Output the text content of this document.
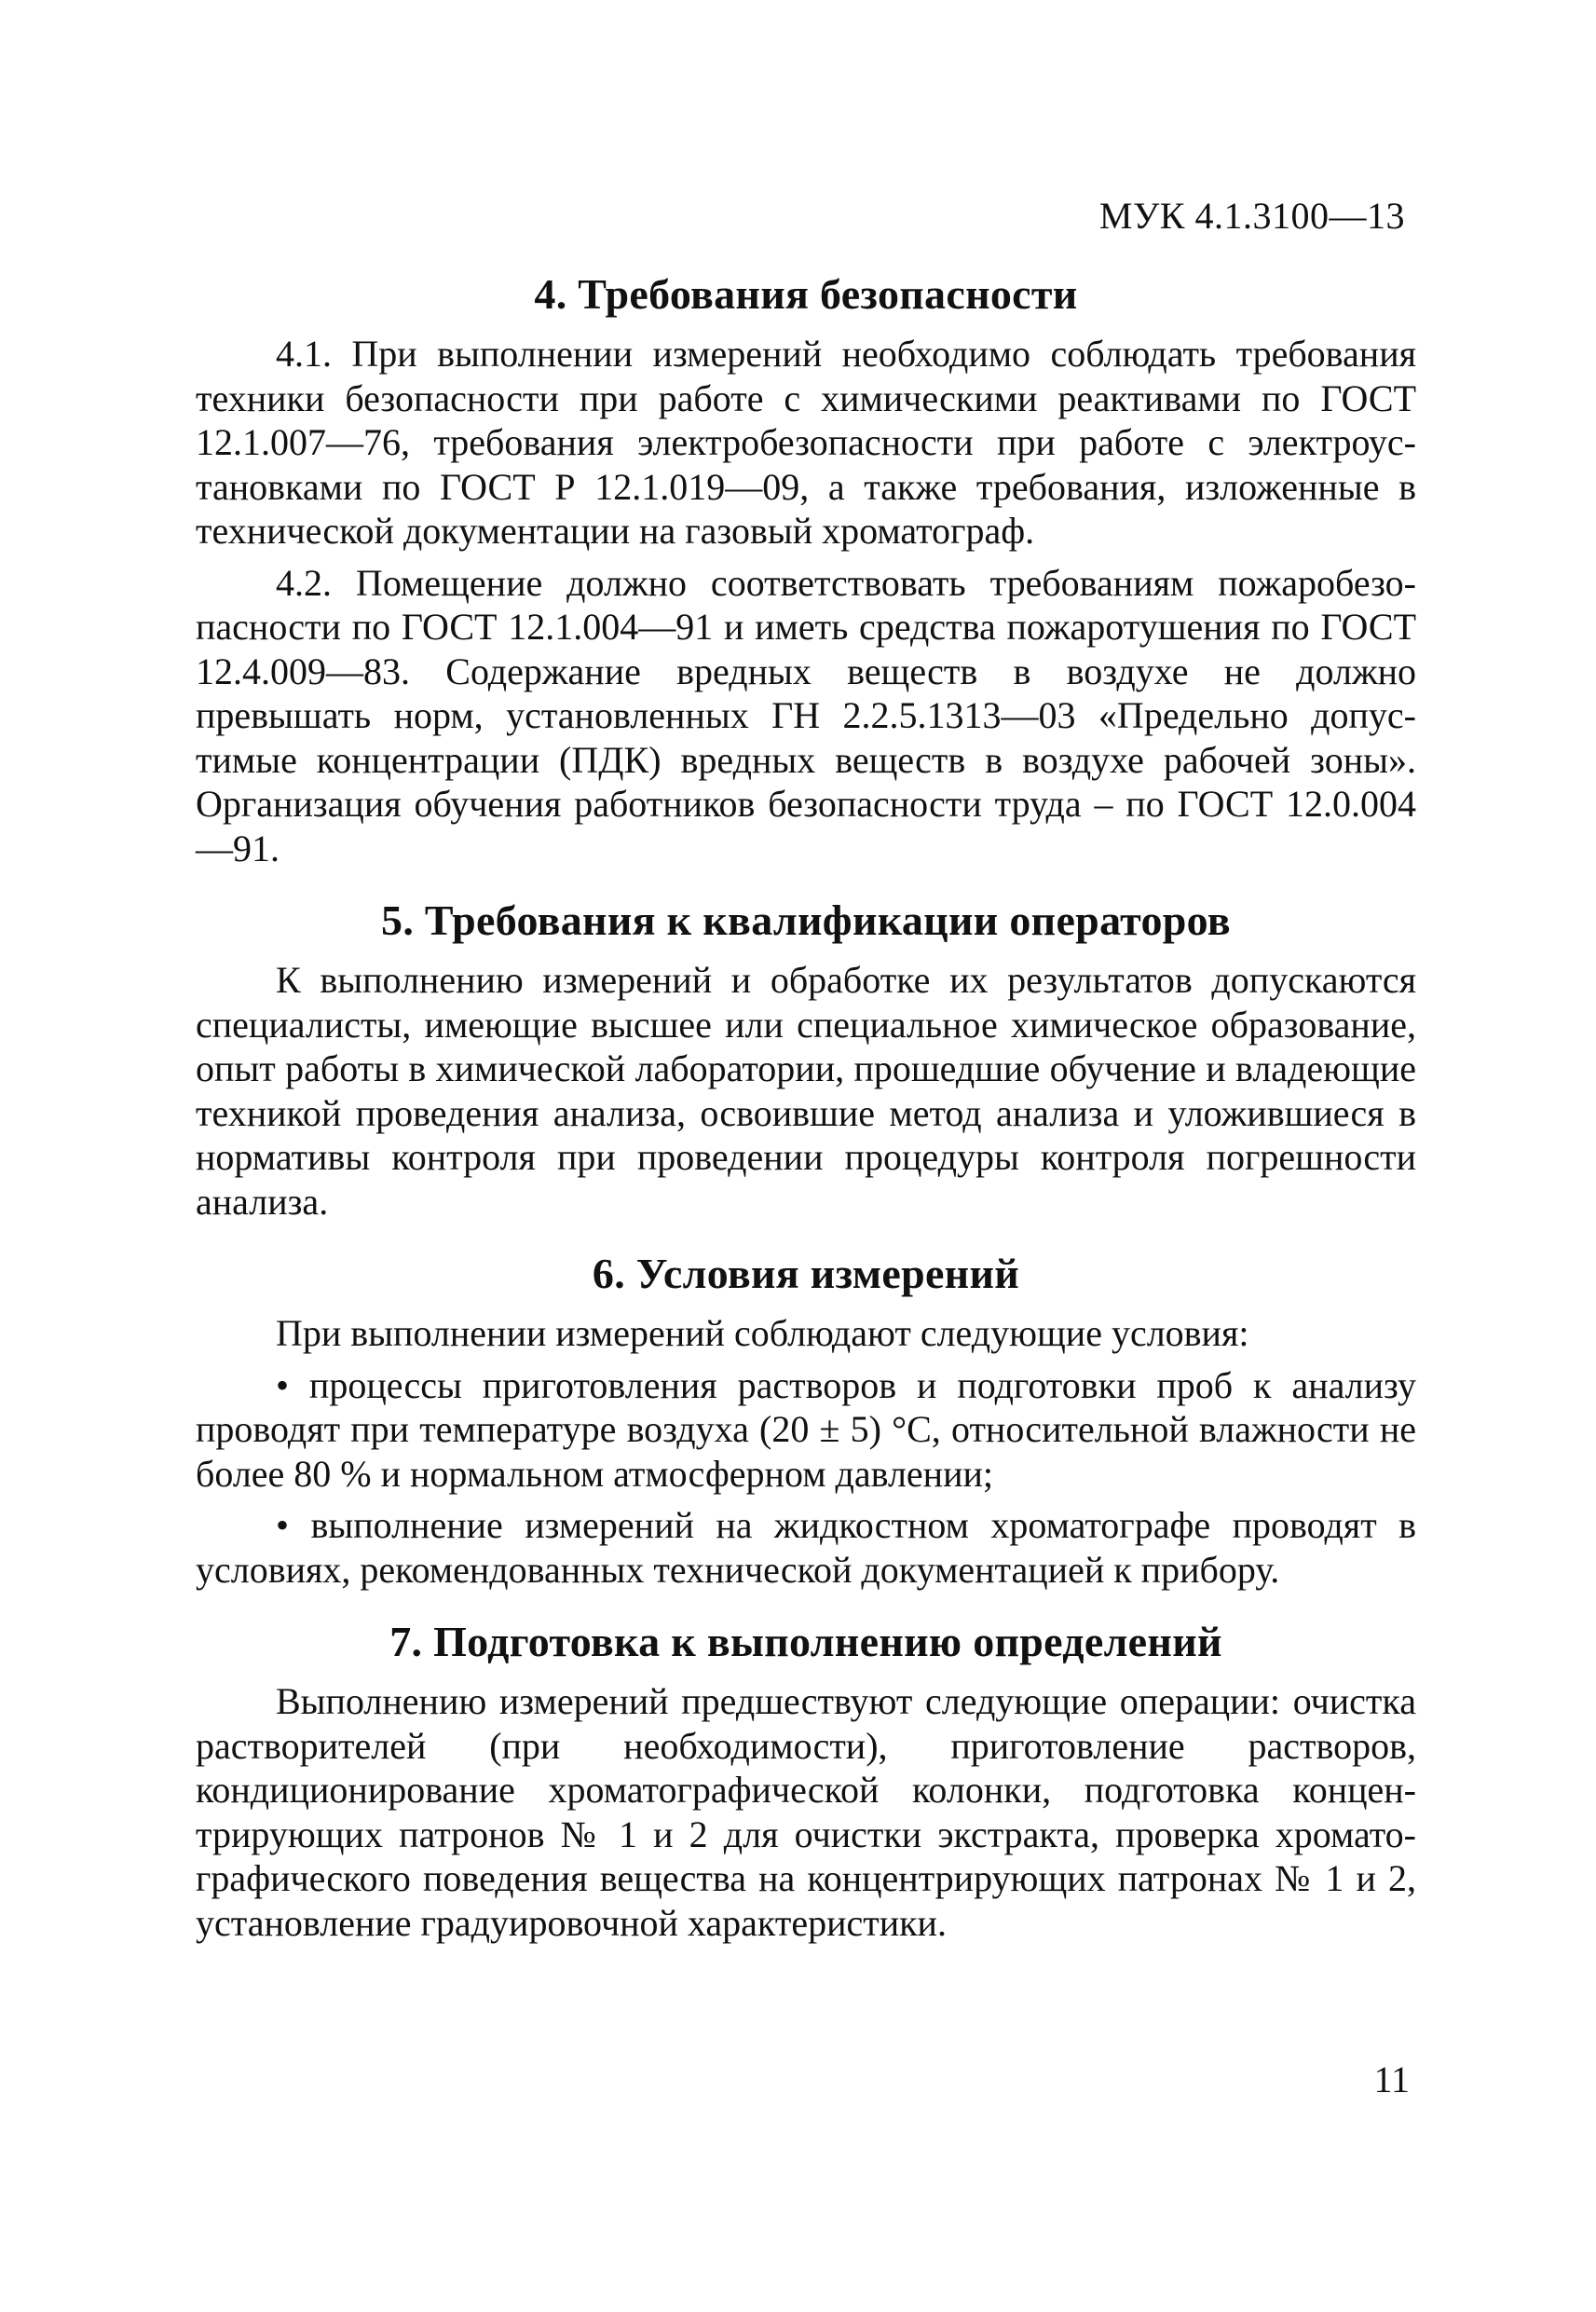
МУК 4.1.3100—13
4. Требования безопасности

4.1. При выполнении измерений необходимо соблюдать требования техники безопасности при работе с химическими реактивами по ГОСТ 12.1.007—76, требования электробезопасности при работе с электроустановками по ГОСТ Р 12.1.019—09, а также требования, изложенные в технической документации на газовый хроматограф.

4.2. Помещение должно соответствовать требованиям пожаробезопасности по ГОСТ 12.1.004—91 и иметь средства пожаротушения по ГОСТ 12.4.009—83. Содержание вредных веществ в воздухе не должно превышать норм, установленных ГН 2.2.5.1313—03 «Предельно допустимые концентрации (ПДК) вредных веществ в воздухе рабочей зоны». Организация обучения работников безопасности труда – по ГОСТ 12.0.004—91.

5. Требования к квалификации операторов

К выполнению измерений и обработке их результатов допускаются специалисты, имеющие высшее или специальное химическое образование, опыт работы в химической лаборатории, прошедшие обучение и владеющие техникой проведения анализа, освоившие метод анализа и уложившиеся в нормативы контроля при проведении процедуры контроля погрешности анализа.

6. Условия измерений

При выполнении измерений соблюдают следующие условия:

• процессы приготовления растворов и подготовки проб к анализу проводят при температуре воздуха (20 ± 5) °С, относительной влажности не более 80 % и нормальном атмосферном давлении;

• выполнение измерений на жидкостном хроматографе проводят в условиях, рекомендованных технической документацией к прибору.

7. Подготовка к выполнению определений

Выполнению измерений предшествуют следующие операции: очистка растворителей (при необходимости), приготовление растворов, кондиционирование хроматографической колонки, подготовка концентрирующих патронов № 1 и 2 для очистки экстракта, проверка хроматографического поведения вещества на концентрирующих патронах № 1 и 2, установление градуировочной характеристики.

11
